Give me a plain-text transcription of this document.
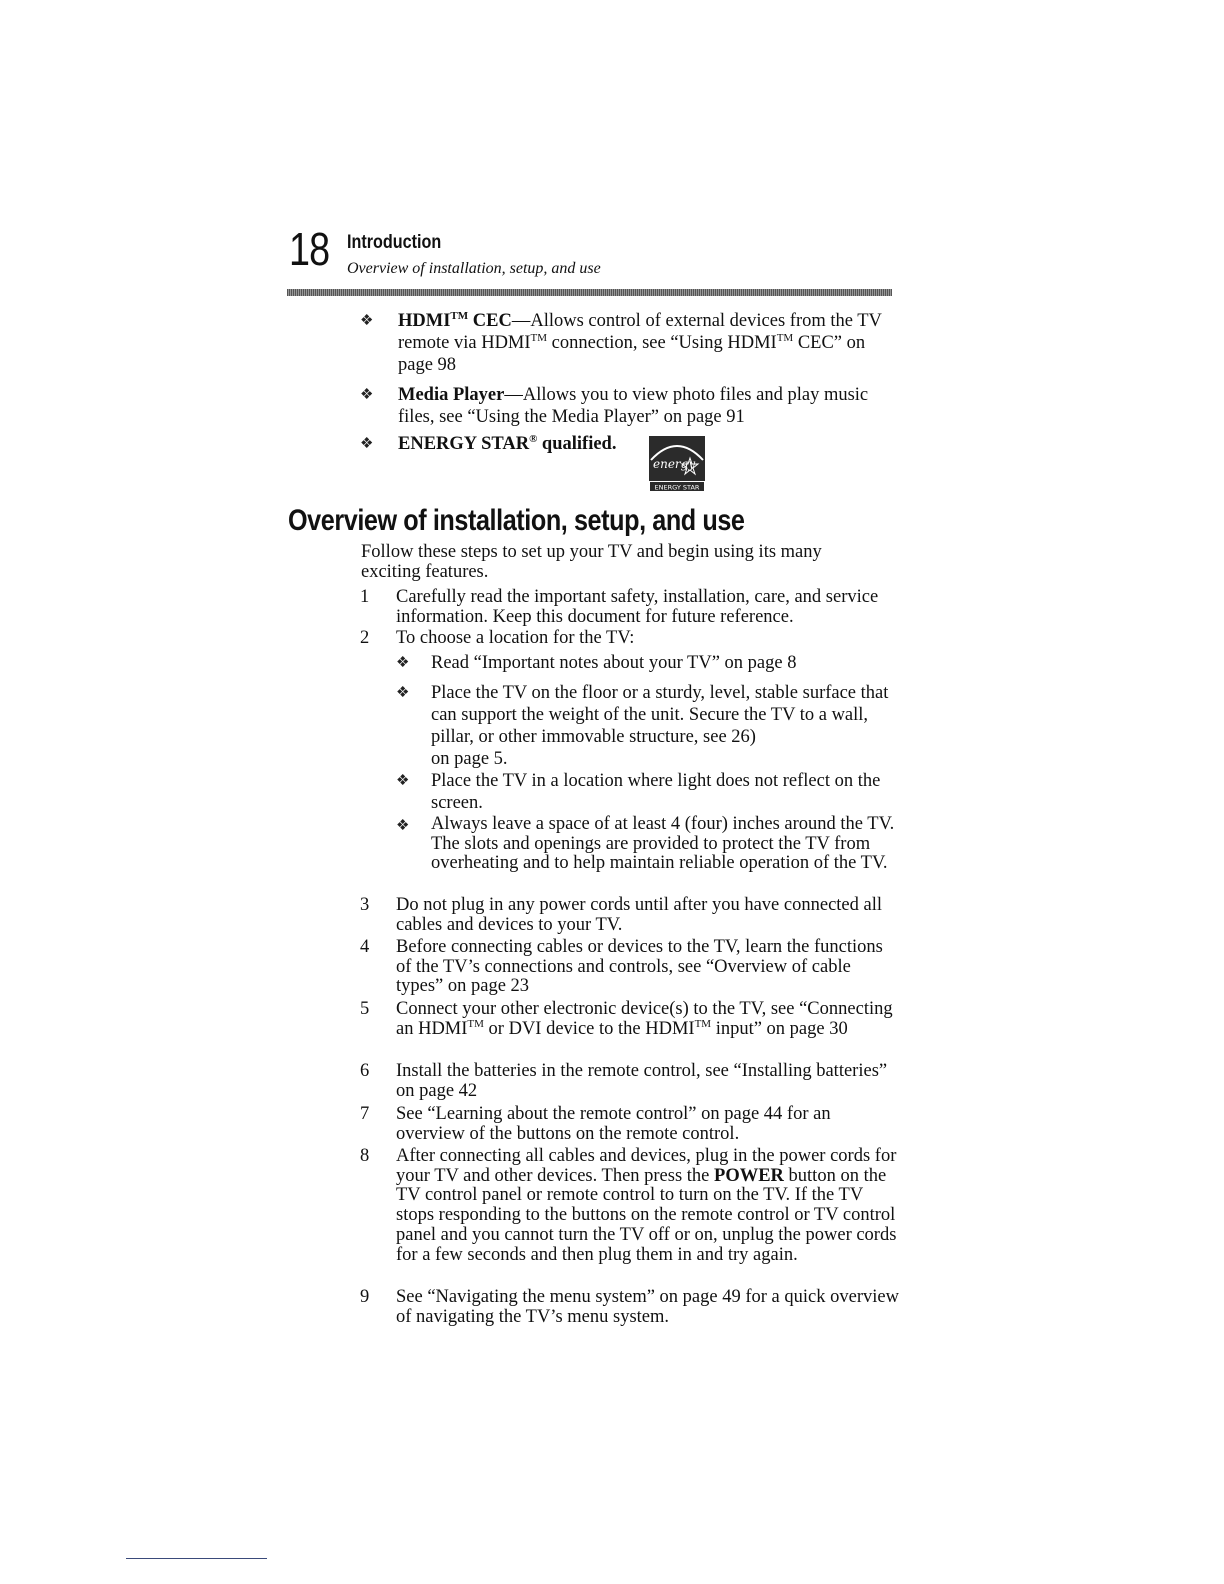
18 Introduction
Overview of installation, setup, and use
❖ HDMI™ CEC—Allows control of external devices from the TV remote via HDMI™ connection, see “Using HDMI™ CEC” on page 98
❖ Media Player—Allows you to view photo files and play music files, see “Using the Media Player” on page 91
❖ ENERGY STAR® qualified.
energy
ENERGY STAR
Overview of installation, setup, and use
Follow these steps to set up your TV and begin using its many exciting features.
1	Carefully read the important safety, installation, care, and service information. Keep this document for future reference.
2	To choose a location for the TV:
❖ Read “Important notes about your TV” on page 8
❖ Place the TV on the floor or a sturdy, level, stable surface that can support the weight of the unit. Secure the TV to a wall, pillar, or other immovable structure, see 26)
on page 5.
❖ Place the TV in a location where light does not reflect on the screen.
❖ Always leave a space of at least 4 (four) inches around the TV. The slots and openings are provided to protect the TV from overheating and to help maintain reliable operation of the TV.
3	Do not plug in any power cords until after you have connected all cables and devices to your TV.
4	Before connecting cables or devices to the TV, learn the functions of the TV’s connections and controls, see “Overview of cable types” on page 23
5	Connect your other electronic device(s) to the TV, see “Connecting an HDMI™ or DVI device to the HDMI™ input” on page 30
6	Install the batteries in the remote control, see “Installing batteries” on page 42
7	See “Learning about the remote control” on page 44 for an overview of the buttons on the remote control.
8	After connecting all cables and devices, plug in the power cords for your TV and other devices. Then press the POWER button on the TV control panel or remote control to turn on the TV. If the TV stops responding to the buttons on the remote control or TV control panel and you cannot turn the TV off or on, unplug the power cords for a few seconds and then plug them in and try again.
9	See “Navigating the menu system” on page 49 for a quick overview of navigating the TV’s menu system.
